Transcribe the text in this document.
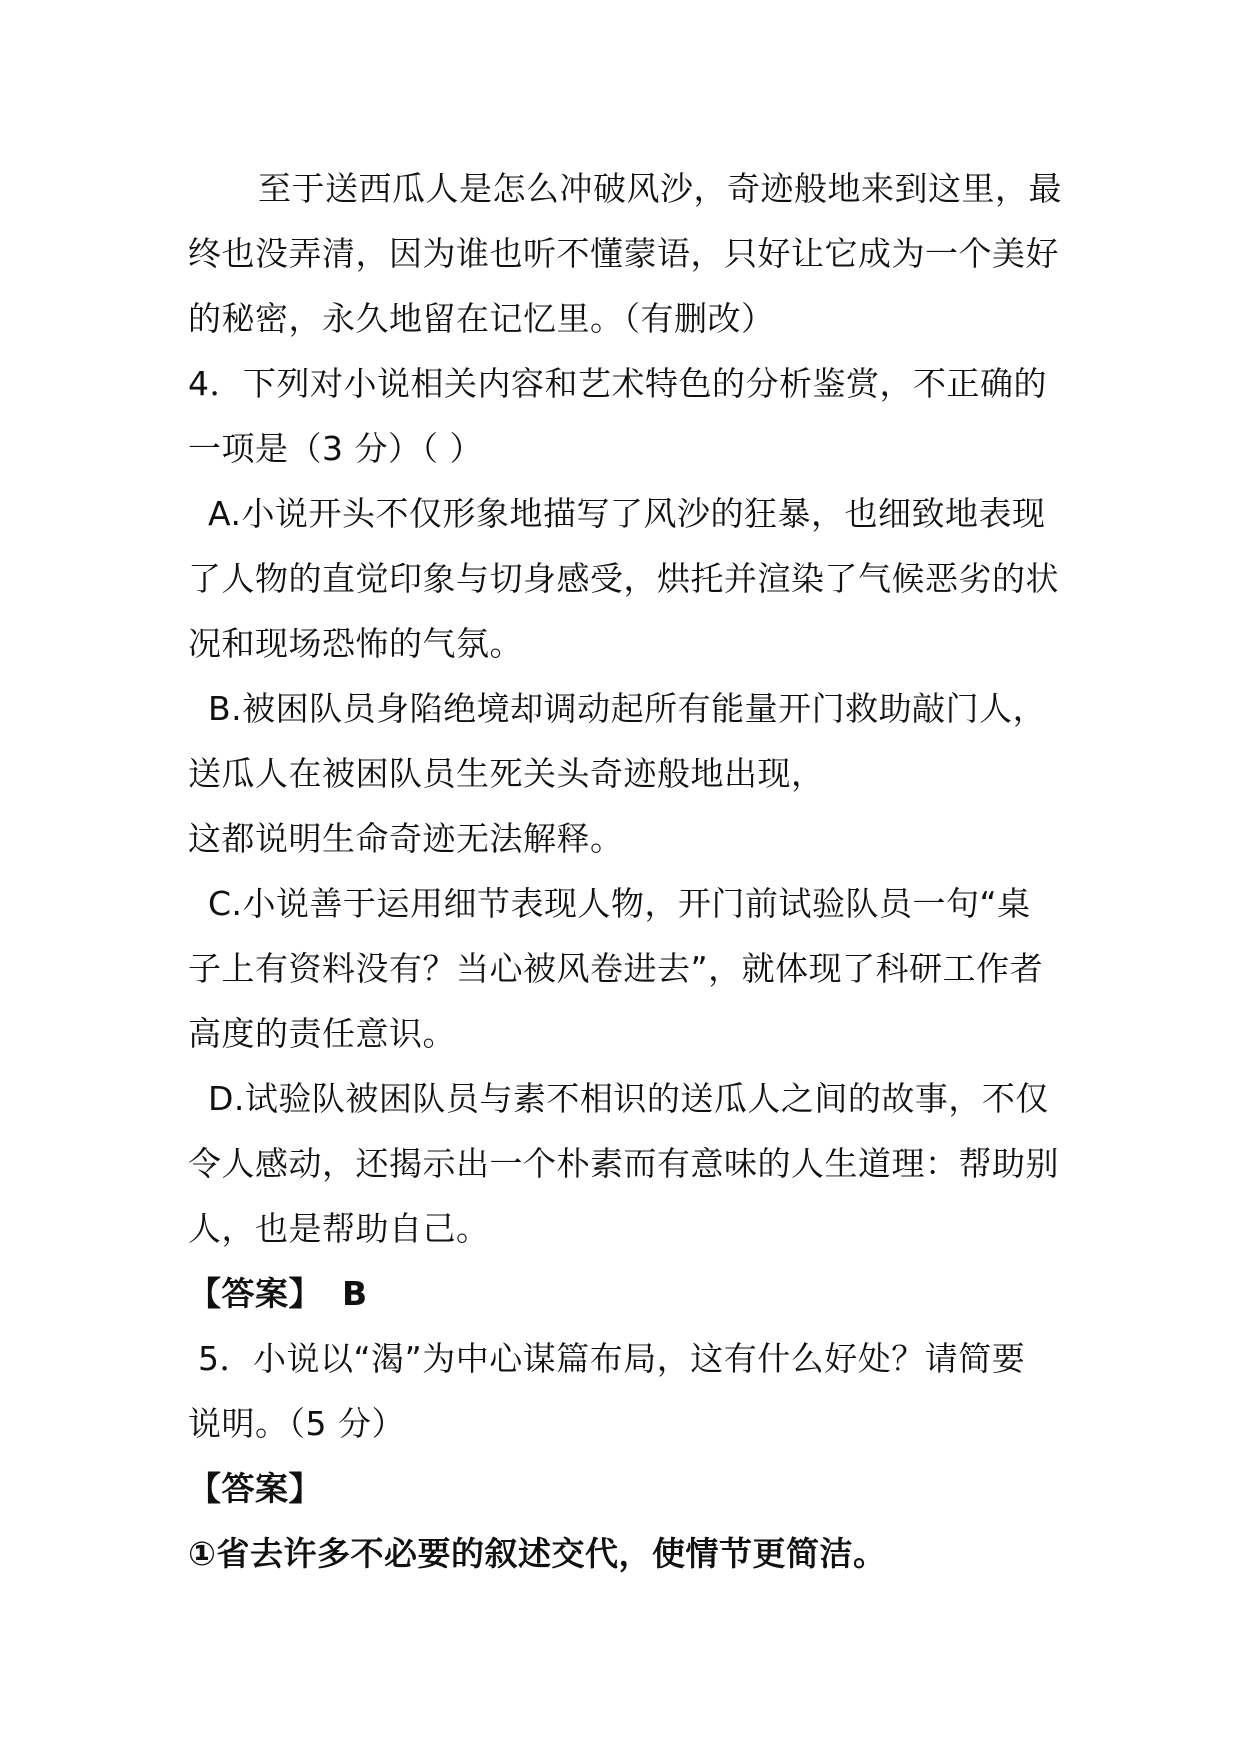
至于送西瓜人是怎么冲破风沙，奇迹般地来到这里，最

终也没弄清，因为谁也听不懂蒙语，只好让它成为一个美好

的秘密，永久地留在记忆里。（有删改）

4．下列对小说相关内容和艺术特色的分析鉴赏，不正确的

一项是（3 分）（ ）

A.小说开头不仅形象地描写了风沙的狂暴，也细致地表现

了人物的直觉印象与切身感受，烘托并渲染了气候恶劣的状

况和现场恐怖的气氛。

B.被困队员身陷绝境却调动起所有能量开门救助敲门人，

送瓜人在被困队员生死关头奇迹般地出现，

这都说明生命奇迹无法解释。

C.小说善于运用细节表现人物，开门前试验队员一句“桌

子上有资料没有？当心被风卷进去”，就体现了科研工作者

高度的责任意识。

D.试验队被困队员与素不相识的送瓜人之间的故事，不仅

令人感动，还揭示出一个朴素而有意味的人生道理：帮助别

人，也是帮助自己。

【答案】 B

5．小说以“渴”为中心谋篇布局，这有什么好处？请简要

说明。（5 分）

【答案】

①省去许多不必要的叙述交代，使情节更简洁。
